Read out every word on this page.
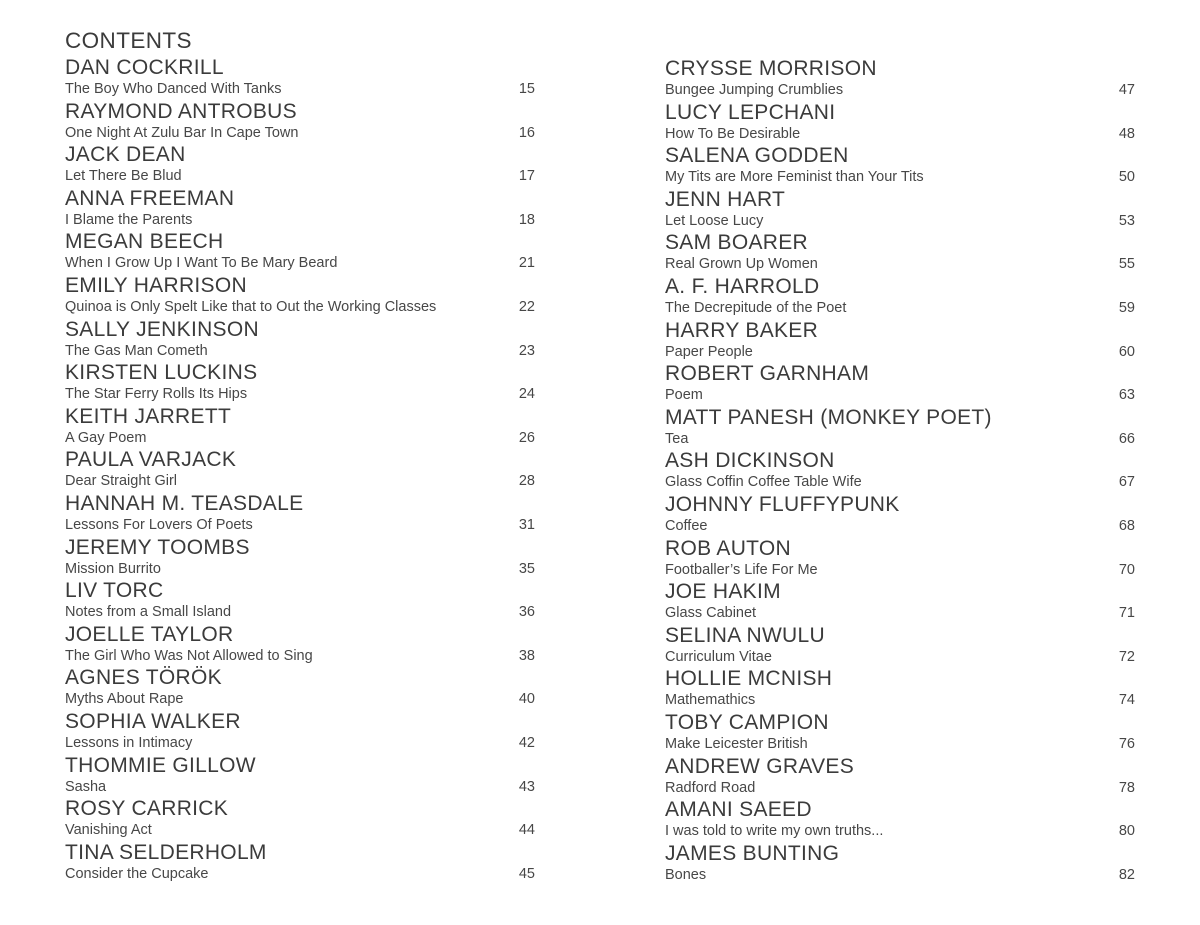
CONTENTS
DAN COCKRILL
The Boy Who Danced With Tanks	15
RAYMOND ANTROBUS
One Night At Zulu Bar In Cape Town	16
JACK DEAN
Let There Be Blud	17
ANNA FREEMAN
I Blame the Parents	18
MEGAN BEECH
When I Grow Up I Want To Be Mary Beard	21
EMILY HARRISON
Quinoa is Only Spelt Like that to Out the Working Classes	22
SALLY JENKINSON
The Gas Man Cometh	23
KIRSTEN LUCKINS
The Star Ferry Rolls Its Hips	24
KEITH JARRETT
A Gay Poem	26
PAULA VARJACK
Dear Straight Girl	28
HANNAH M. TEASDALE
Lessons For Lovers Of Poets	31
JEREMY TOOMBS
Mission Burrito	35
LIV TORC
Notes from a Small Island	36
JOELLE TAYLOR
The Girl Who Was Not Allowed to Sing	38
AGNES TÖRÖK
Myths About Rape	40
SOPHIA WALKER
Lessons in Intimacy	42
THOMMIE GILLOW
Sasha	43
ROSY CARRICK
Vanishing Act	44
TINA SELDERHOLM
Consider the Cupcake	45
CRYSSE MORRISON
Bungee Jumping Crumblies	47
LUCY LEPCHANI
How To Be Desirable	48
SALENA GODDEN
My Tits are More Feminist than Your Tits	50
JENN HART
Let Loose Lucy	53
SAM BOARER
Real Grown Up Women	55
A. F. HARROLD
The Decrepitude of the Poet	59
HARRY BAKER
Paper People	60
ROBERT GARNHAM
Poem	63
MATT PANESH (MONKEY POET)
Tea	66
ASH DICKINSON
Glass Coffin Coffee Table Wife	67
JOHNNY FLUFFYPUNK
Coffee	68
ROB AUTON
Footballer’s Life For Me	70
JOE HAKIM
Glass Cabinet	71
SELINA NWULU
Curriculum Vitae	72
HOLLIE MCNISH
Mathemathics	74
TOBY CAMPION
Make Leicester British	76
ANDREW GRAVES
Radford Road	78
AMANI SAEED
I was told to write my own truths...	80
JAMES BUNTING
Bones	82
